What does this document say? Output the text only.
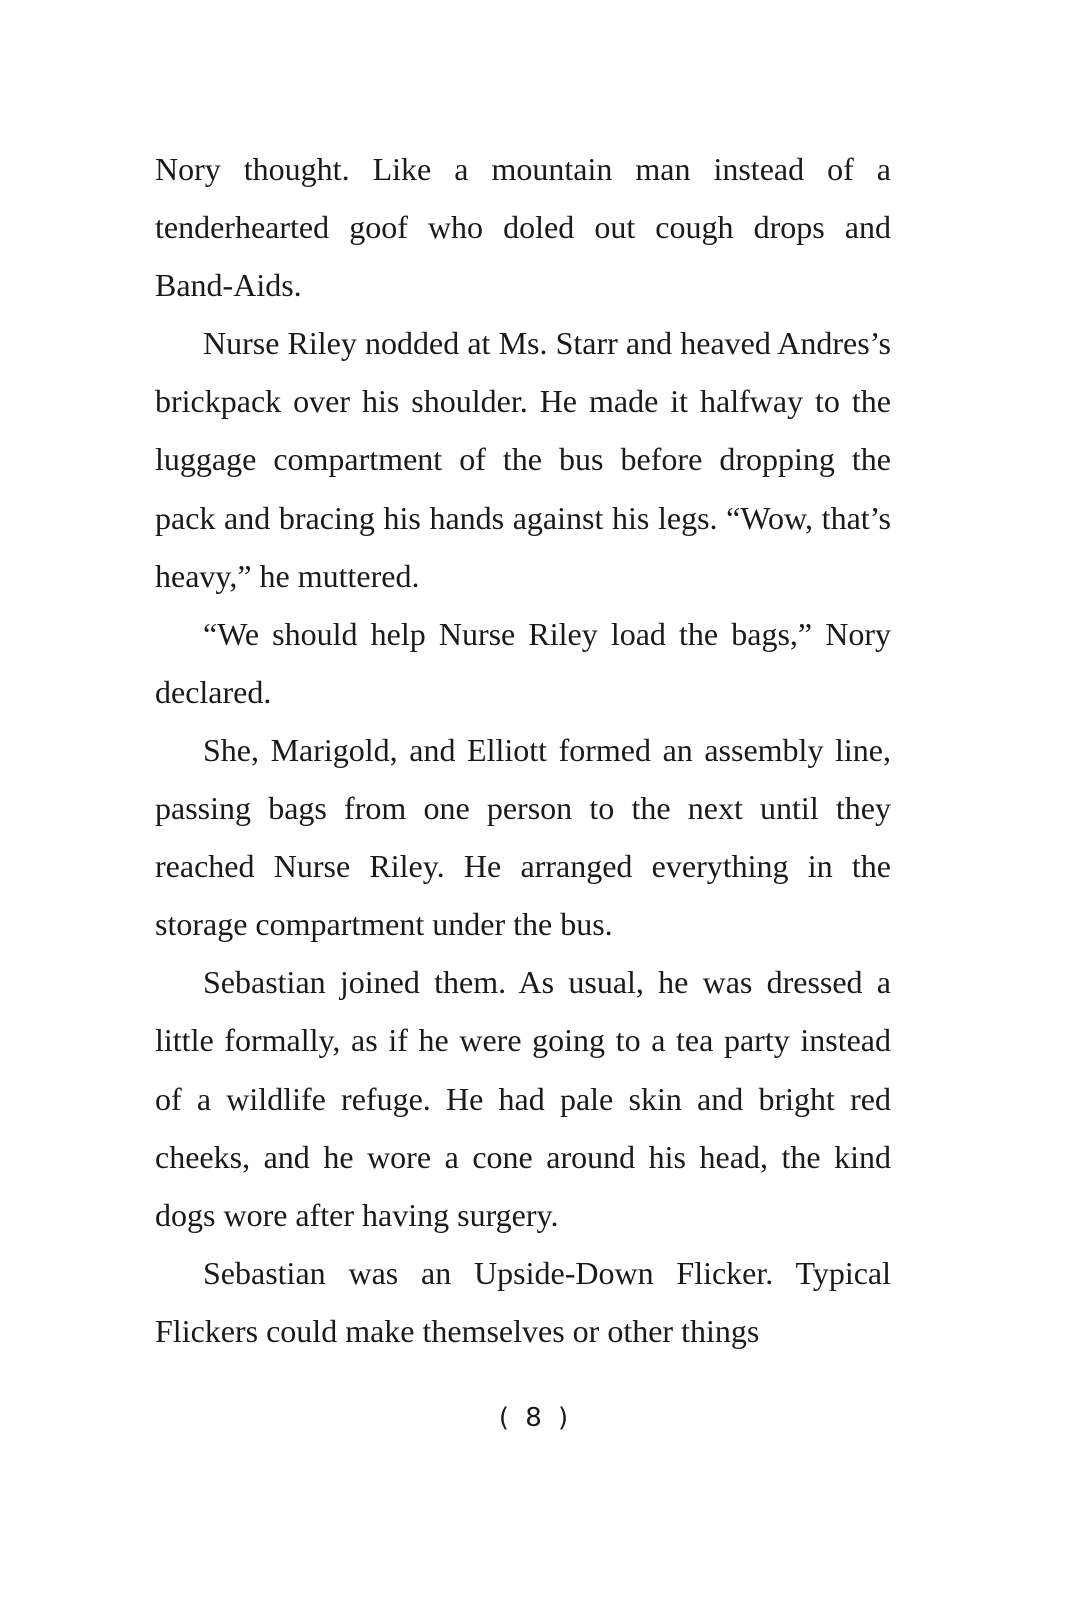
Nory thought. Like a mountain man instead of a tenderhearted goof who doled out cough drops and Band-Aids.

Nurse Riley nodded at Ms. Starr and heaved Andres’s brickpack over his shoulder. He made it halfway to the luggage compartment of the bus before dropping the pack and bracing his hands against his legs. “Wow, that’s heavy,” he muttered.

“We should help Nurse Riley load the bags,” Nory declared.

She, Marigold, and Elliott formed an assembly line, passing bags from one person to the next until they reached Nurse Riley. He arranged everything in the storage compartment under the bus.

Sebastian joined them. As usual, he was dressed a little formally, as if he were going to a tea party instead of a wildlife refuge. He had pale skin and bright red cheeks, and he wore a cone around his head, the kind dogs wore after having surgery.

Sebastian was an Upside-Down Flicker. Typical Flickers could make themselves or other things

( 8 )
